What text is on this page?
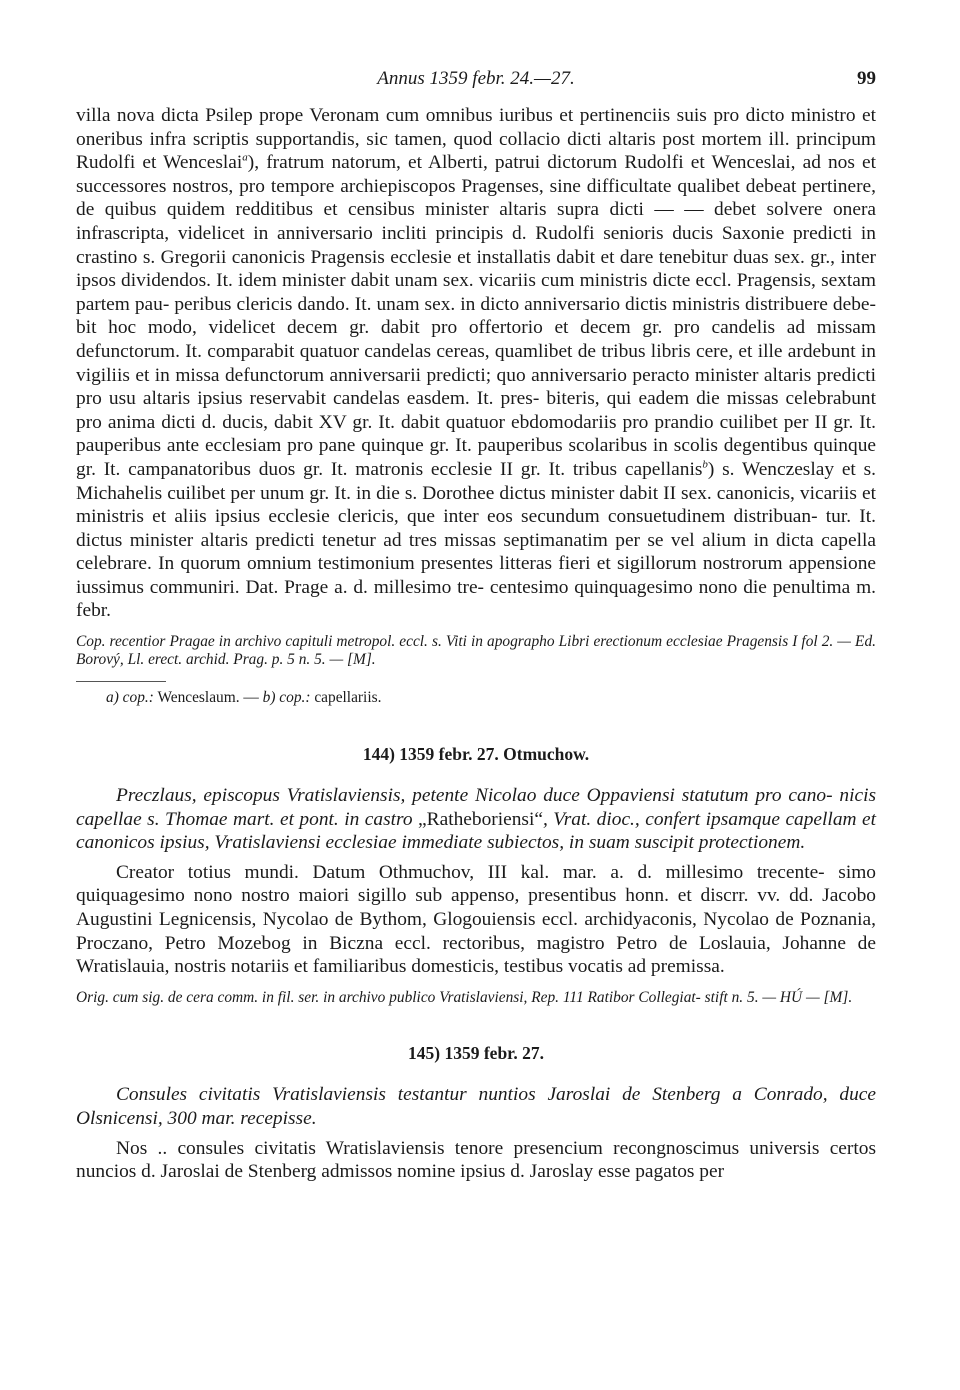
Annus 1359 febr. 24.—27.	99

villa nova dicta Psilep prope Veronam cum omnibus iuribus et pertinenciis suis pro dicto ministro et oneribus infra scriptis supportandis, sic tamen, quod collacio dicti altaris post mortem ill. principum Rudolfi et Wenceslai$^a$), fratrum natorum, et Alberti, patrui dictorum Rudolfi et Wenceslai, ad nos et successores nostros, pro tempore archiepiscopos Pragenses, sine difficultate qualibet debeat pertinere, de quibus quidem redditibus et censibus minister altaris supra dicti — — debet solvere onera infrascripta, videlicet in anniversario incliti principis d. Rudolfi senioris ducis Saxonie predicti in crastino s. Gregorii canonicis Pragensis ecclesie et installatis dabit et dare tenebitur duas sex. gr., inter ipsos dividendos. It. idem minister dabit unam sex. vicariis cum ministris dicte eccl. Pragensis, sextam partem pau- peribus clericis dando. It. unam sex. in dicto anniversario dictis ministris distribuere debe- bit hoc modo, videlicet decem gr. dabit pro offertorio et decem gr. pro candelis ad missam defunctorum. It. comparabit quatuor candelas cereas, quamlibet de tribus libris cere, et ille ardebunt in vigiliis et in missa defunctorum anniversarii predicti; quo anniversario peracto minister altaris predicti pro usu altaris ipsius reservabit candelas easdem. It. pres- biteris, qui eadem die missas celebrabunt pro anima dicti d. ducis, dabit XV gr. It. dabit quatuor ebdomodariis pro prandio cuilibet per II gr. It. pauperibus ante ecclesiam pro pane quinque gr. It. pauperibus scolaribus in scolis degentibus quinque gr. It. campanatoribus duos gr. It. matronis ecclesie II gr. It. tribus capellanis$^b$) s. Wenczeslay et s. Michahelis cuilibet per unum gr. It. in die s. Dorothee dictus minister dabit II sex. canonicis, vicariis et ministris et aliis ipsius ecclesie clericis, que inter eos secundum consuetudinem distribuan- tur. It. dictus minister altaris predicti tenetur ad tres missas septimanatim per se vel alium in dicta capella celebrare. In quorum omnium testimonium presentes litteras fieri et sigillorum nostrorum appensione iussimus communiri. Dat. Prage a. d. millesimo tre- centesimo quinquagesimo nono die penultima m. febr.

Cop. recentior Pragae in archivo capituli metropol. eccl. s. Viti in apographo Libri erectionum ecclesiae Pragensis I fol 2. — Ed. Borový, Ll. erect. archid. Prag. p. 5 n. 5. — [M].

a) cop.: Wenceslaum. — b) cop.: capellariis.

144) 1359 febr. 27. Otmuchow.

Preczlaus, episcopus Vratislaviensis, petente Nicolao duce Oppaviensi statutum pro cano- nicis capellae s. Thomae mart. et pont. in castro „Ratheboriensi“, Vrat. dioc., confert ipsamque capellam et canonicos ipsius, Vratislaviensi ecclesiae immediate subiectos, in suam suscipit protectionem.

Creator totius mundi. Datum Othmuchov, III kal. mar. a. d. millesimo trecente- simo quiquagesimo nono nostro maiori sigillo sub appenso, presentibus honn. et discrr. vv. dd. Jacobo Augustini Legnicensis, Nycolao de Bythom, Glogouiensis eccl. archidyaconis, Nycolao de Poznania, Proczano, Petro Mozebog in Biczna eccl. rectoribus, magistro Petro de Loslauia, Johanne de Wratislauia, nostris notariis et familiaribus domesticis, testibus vocatis ad premissa.

Orig. cum sig. de cera comm. in fil. ser. in archivo publico Vratislaviensi, Rep. 111 Ratibor Collegiat- stift n. 5. — HÚ — [M].

145) 1359 febr. 27.

Consules civitatis Vratislaviensis testantur nuntios Jaroslai de Stenberg a Conrado, duce Olsnicensi, 300 mar. recepisse.

Nos .. consules civitatis Wratislaviensis tenore presencium recongnoscimus universis certos nuncios d. Jaroslai de Stenberg admissos nomine ipsius d. Jaroslay esse pagatos per
